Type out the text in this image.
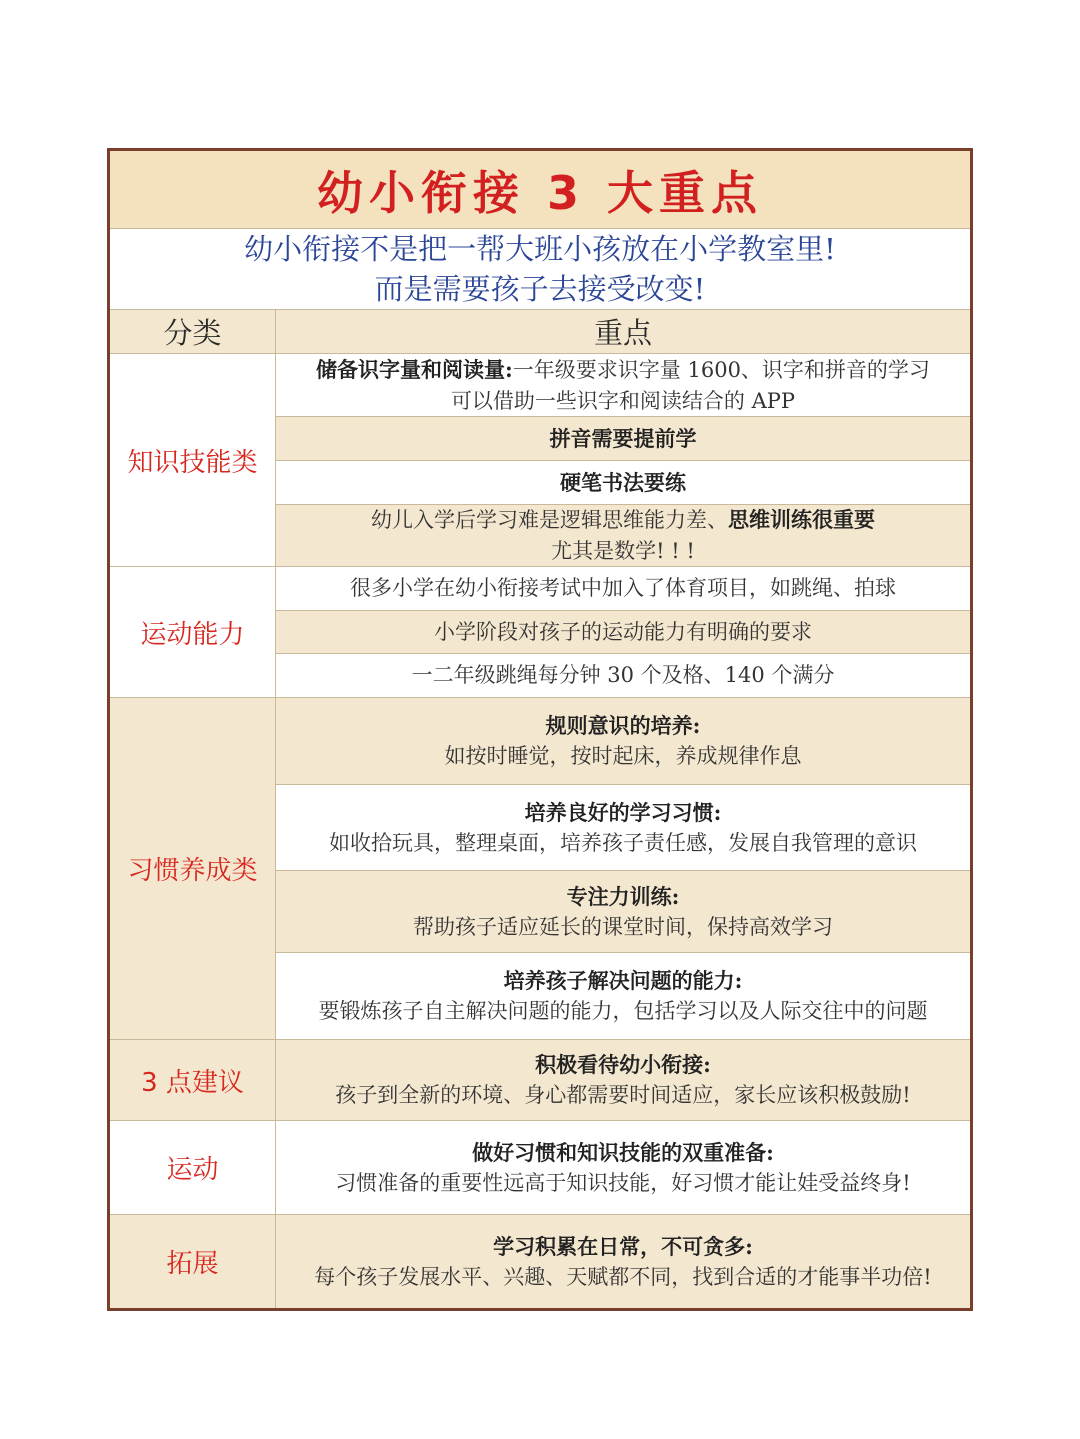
幼小衔接 3 大重点
幼小衔接不是把一帮大班小孩放在小学教室里!
而是需要孩子去接受改变!
分类	重点
知识技能类
运动能力
习惯养成类
3 点建议
运动
拓展
储备识字量和阅读量:一年级要求识字量 1600、识字和拼音的学习
可以借助一些识字和阅读结合的 APP
拼音需要提前学
硬笔书法要练
幼儿入学后学习难是逻辑思维能力差、思维训练很重要
尤其是数学! ! !
很多小学在幼小衔接考试中加入了体育项目，如跳绳、拍球
小学阶段对孩子的运动能力有明确的要求
一二年级跳绳每分钟 30 个及格、140 个满分
规则意识的培养:
如按时睡觉，按时起床，养成规律作息
培养良好的学习习惯:
如收拾玩具，整理桌面，培养孩子责任感，发展自我管理的意识
专注力训练:
帮助孩子适应延长的课堂时间，保持高效学习
培养孩子解决问题的能力:
要锻炼孩子自主解决问题的能力，包括学习以及人际交往中的问题
积极看待幼小衔接:
孩子到全新的环境、身心都需要时间适应，家长应该积极鼓励!
做好习惯和知识技能的双重准备:
习惯准备的重要性远高于知识技能，好习惯才能让娃受益终身!
学习积累在日常，不可贪多:
每个孩子发展水平、兴趣、天赋都不同，找到合适的才能事半功倍!
